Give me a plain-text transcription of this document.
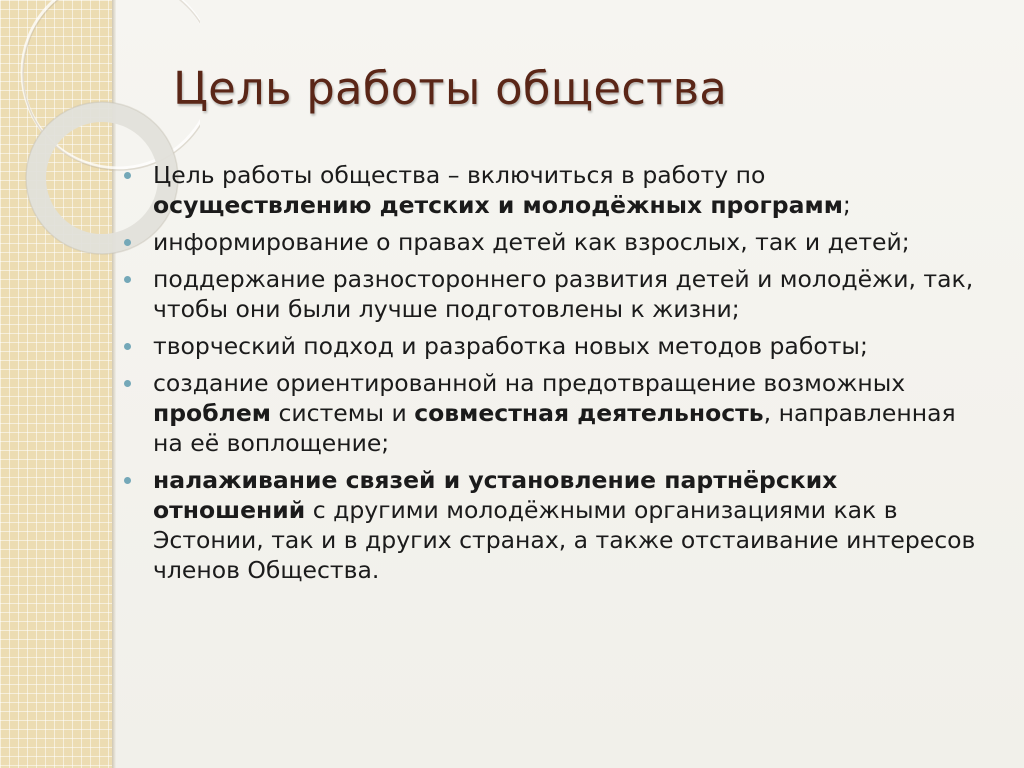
Цель работы общества
Цель работы общества – включиться в работу по осуществлению детских и молодёжных программ;
информирование о правах детей как взрослых, так и детей;
поддержание разностороннего развития детей и молодёжи, так, чтобы они были лучше подготовлены к жизни;
творческий подход и разработка новых методов работы;
создание ориентированной на предотвращение возможных проблем системы и совместная деятельность, направленная на её воплощение;
налаживание связей и установление партнёрских отношений с другими молодёжными организациями как в Эстонии, так и в других странах, а также отстаивание интересов членов Общества.
